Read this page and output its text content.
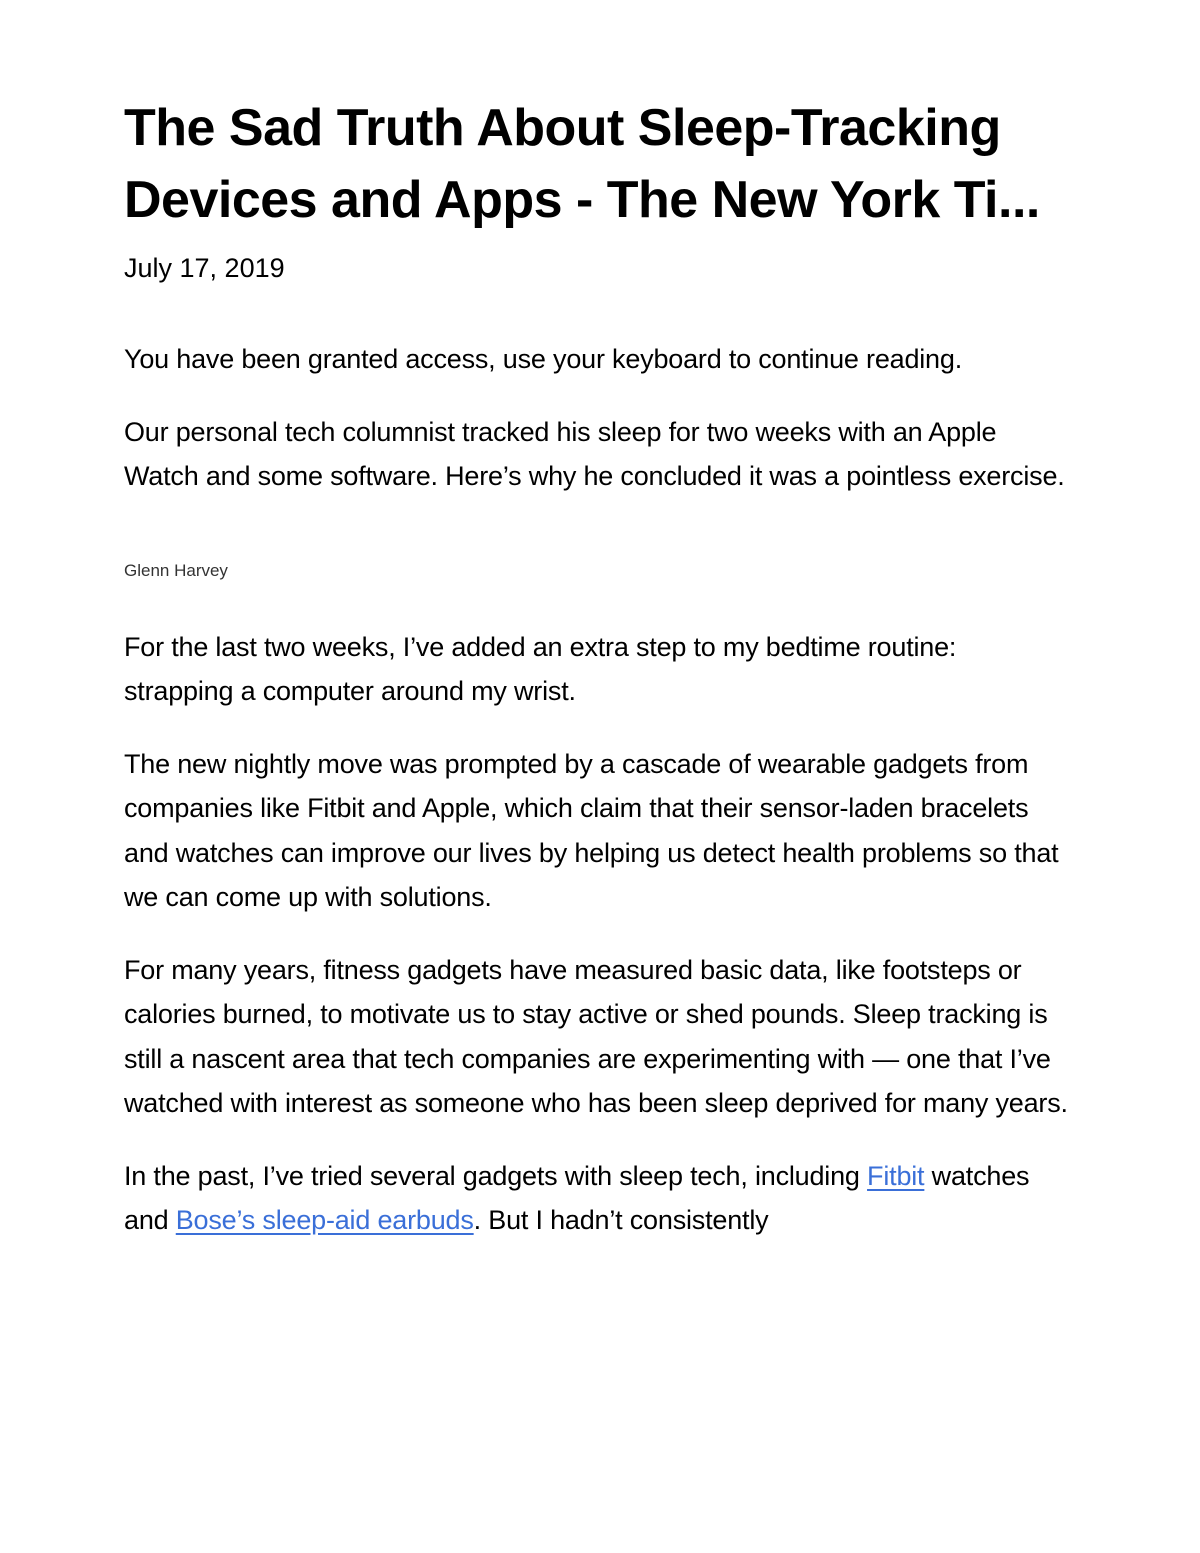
The Sad Truth About Sleep-Tracking Devices and Apps - The New York Ti...
July 17, 2019

You have been granted access, use your keyboard to continue reading.

Our personal tech columnist tracked his sleep for two weeks with an Apple Watch and some software. Here’s why he concluded it was a pointless exercise.

Glenn Harvey

For the last two weeks, I’ve added an extra step to my bedtime routine: strapping a computer around my wrist.

The new nightly move was prompted by a cascade of wearable gadgets from companies like Fitbit and Apple, which claim that their sensor-laden bracelets and watches can improve our lives by helping us detect health problems so that we can come up with solutions.

For many years, fitness gadgets have measured basic data, like footsteps or calories burned, to motivate us to stay active or shed pounds. Sleep tracking is still a nascent area that tech companies are experimenting with — one that I’ve watched with interest as someone who has been sleep deprived for many years.

In the past, I’ve tried several gadgets with sleep tech, including Fitbit watches and Bose’s sleep-aid earbuds. But I hadn’t consistently
